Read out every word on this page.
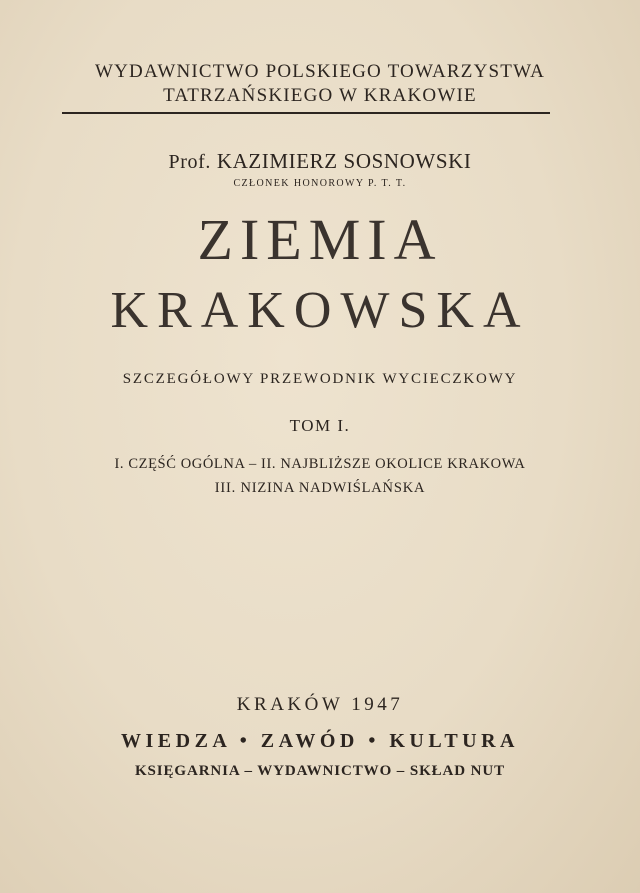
WYDAWNICTWO POLSKIEGO TOWARZYSTWA
TATRZAŃSKIEGO W KRAKOWIE
Prof. KAZIMIERZ SOSNOWSKI
CZŁONEK HONOROWY P. T. T.
ZIEMIA
KRAKOWSKA
SZCZEGÓŁOWY PRZEWODNIK WYCIECZKOWY
TOM I.
I. CZĘŚĆ OGÓLNA – II. NAJBLIŻSZE OKOLICE KRAKOWA
III. NIZINA NADWIŚLAŃSKA
KRAKÓW 1947
WIEDZA • ZAWÓD • KULTURA
KSIĘGARNIA – WYDAWNICTWO – SKŁAD NUT
